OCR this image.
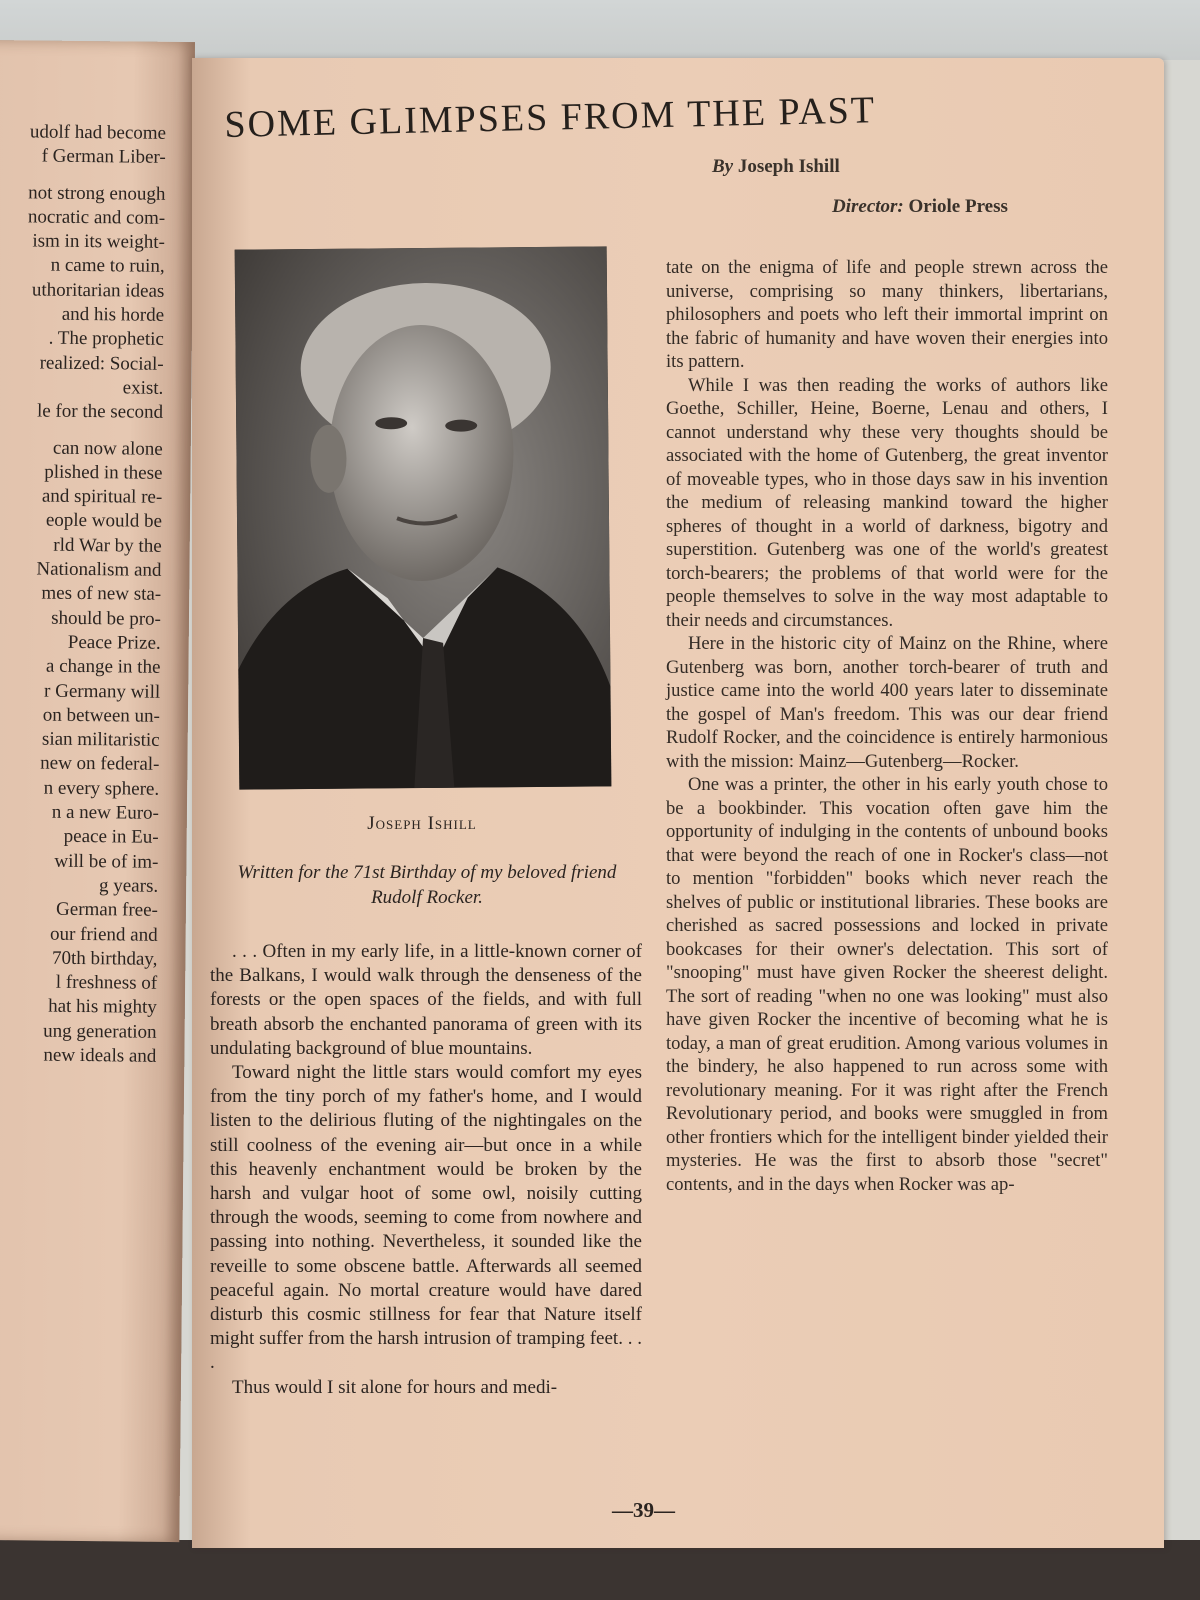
udolf had become
f German Liber-
not strong enough
nocratic and com-
ism in its weight-
n came to ruin,
uthoritarian ideas
and his horde
. The prophetic
realized: Social-
exist.
le for the second
can now alone
plished in these
and spiritual re-
eople would be
rld War by the
Nationalism and
mes of new sta-
should be pro-
Peace Prize.
a change in the
r Germany will
on between un-
sian militaristic
new on federal-
n every sphere.
n a new Euro-
peace in Eu-
will be of im-
g years.
German free-
our friend and
70th birthday,
l freshness of
hat his mighty
ung generation
new ideals and
SOME GLIMPSES FROM THE PAST
By Joseph Ishill
Director: Oriole Press
Joseph Ishill
Written for the 71st Birthday of my beloved friend Rudolf Rocker.

. . . Often in my early life, in a little-known corner of the Balkans, I would walk through the denseness of the forests or the open spaces of the fields, and with full breath absorb the enchanted panorama of green with its undulating background of blue mountains.

Toward night the little stars would comfort my eyes from the tiny porch of my father's home, and I would listen to the delirious fluting of the nightingales on the still coolness of the evening air—but once in a while this heavenly enchantment would be broken by the harsh and vulgar hoot of some owl, noisily cutting through the woods, seeming to come from nowhere and passing into nothing. Nevertheless, it sounded like the reveille to some obscene battle. Afterwards all seemed peaceful again. No mortal creature would have dared disturb this cosmic stillness for fear that Nature itself might suffer from the harsh intrusion of tramping feet. . . .

Thus would I sit alone for hours and medi-

tate on the enigma of life and people strewn across the universe, comprising so many thinkers, libertarians, philosophers and poets who left their immortal imprint on the fabric of humanity and have woven their energies into its pattern.

While I was then reading the works of authors like Goethe, Schiller, Heine, Boerne, Lenau and others, I cannot understand why these very thoughts should be associated with the home of Gutenberg, the great inventor of moveable types, who in those days saw in his invention the medium of releasing mankind toward the higher spheres of thought in a world of darkness, bigotry and superstition. Gutenberg was one of the world's greatest torch-bearers; the problems of that world were for the people themselves to solve in the way most adaptable to their needs and circumstances.

Here in the historic city of Mainz on the Rhine, where Gutenberg was born, another torch-bearer of truth and justice came into the world 400 years later to disseminate the gospel of Man's freedom. This was our dear friend Rudolf Rocker, and the coincidence is entirely harmonious with the mission: Mainz—Gutenberg—Rocker.

One was a printer, the other in his early youth chose to be a bookbinder. This vocation often gave him the opportunity of indulging in the contents of unbound books that were beyond the reach of one in Rocker's class—not to mention "forbidden" books which never reach the shelves of public or institutional libraries. These books are cherished as sacred possessions and locked in private bookcases for their owner's delectation. This sort of "snooping" must have given Rocker the sheerest delight. The sort of reading "when no one was looking" must also have given Rocker the incentive of becoming what he is today, a man of great erudition. Among various volumes in the bindery, he also happened to run across some with revolutionary meaning. For it was right after the French Revolutionary period, and books were smuggled in from other frontiers which for the intelligent binder yielded their mysteries. He was the first to absorb those "secret" contents, and in the days when Rocker was ap-

—39—
